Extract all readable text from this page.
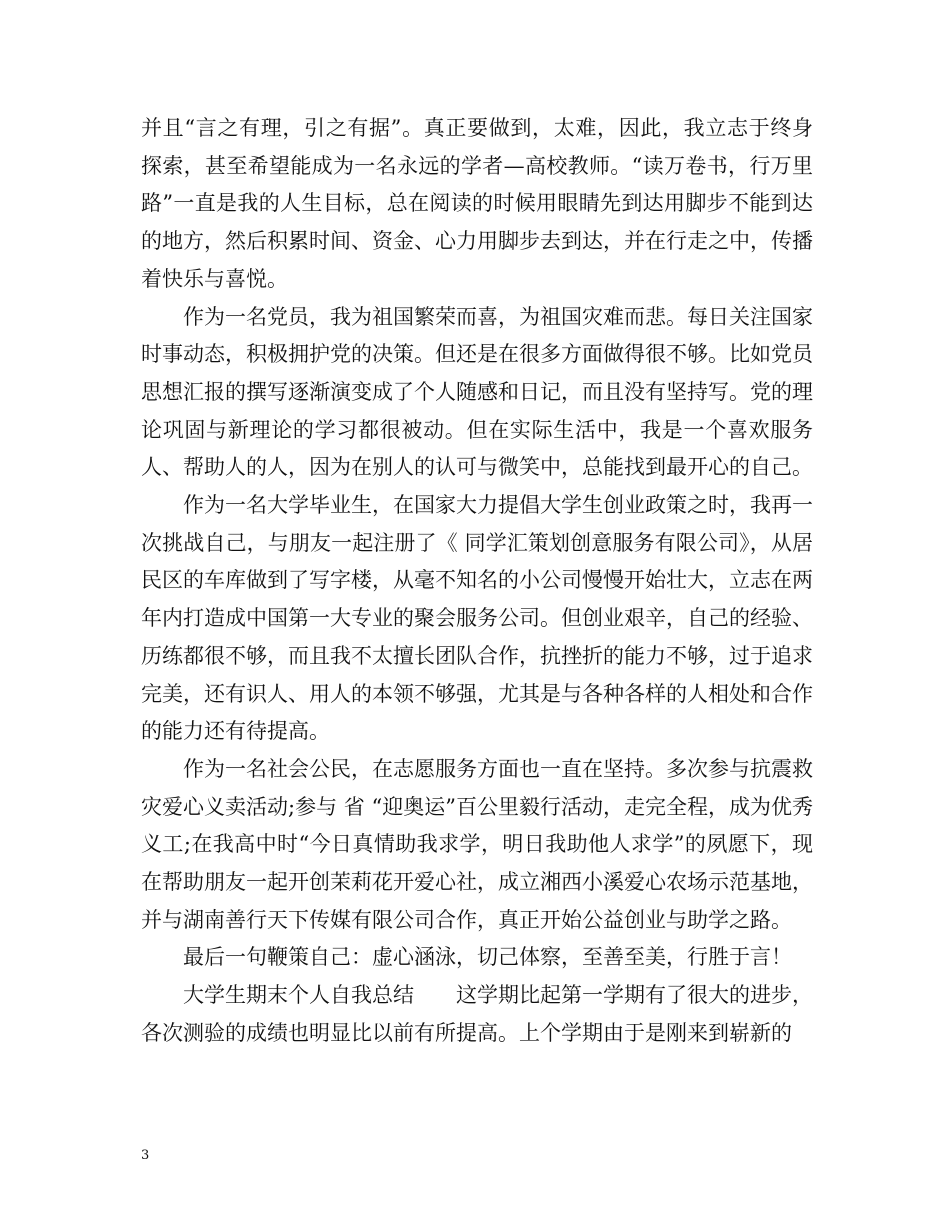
并且“言之有理，引之有据”。真正要做到，太难，因此，我立志于终身探索，甚至希望能成为一名永远的学者—高校教师。“读万卷书，行万里路”一直是我的人生目标，总在阅读的时候用眼睛先到达用脚步不能到达的地方，然后积累时间、资金、心力用脚步去到达，并在行走之中，传播着快乐与喜悦。

作为一名党员，我为祖国繁荣而喜，为祖国灾难而悲。每日关注国家时事动态，积极拥护党的决策。但还是在很多方面做得很不够。比如党员思想汇报的撰写逐渐演变成了个人随感和日记，而且没有坚持写。党的理论巩固与新理论的学习都很被动。但在实际生活中，我是一个喜欢服务人、帮助人的人，因为在别人的认可与微笑中，总能找到最开心的自己。

作为一名大学毕业生，在国家大力提倡大学生创业政策之时，我再一次挑战自己，与朋友一起注册了《 同学汇策划创意服务有限公司》，从居民区的车库做到了写字楼，从毫不知名的小公司慢慢开始壮大，立志在两年内打造成中国第一大专业的聚会服务公司。但创业艰辛，自己的经验、历练都很不够，而且我不太擅长团队合作，抗挫折的能力不够，过于追求完美，还有识人、用人的本领不够强，尤其是与各种各样的人相处和合作的能力还有待提高。

作为一名社会公民，在志愿服务方面也一直在坚持。多次参与抗震救灾爱心义卖活动;参与 省 “迎奥运”百公里毅行活动，走完全程，成为优秀义工;在我高中时“今日真情助我求学，明日我助他人求学”的夙愿下，现在帮助朋友一起开创茉莉花开爱心社，成立湘西小溪爱心农场示范基地，并与湖南善行天下传媒有限公司合作，真正开始公益创业与助学之路。

最后一句鞭策自己：虚心涵泳，切己体察，至善至美，行胜于言！

大学生期末个人自我总结　　这学期比起第一学期有了很大的进步，各次测验的成绩也明显比以前有所提高。上个学期由于是刚来到崭新的

3
